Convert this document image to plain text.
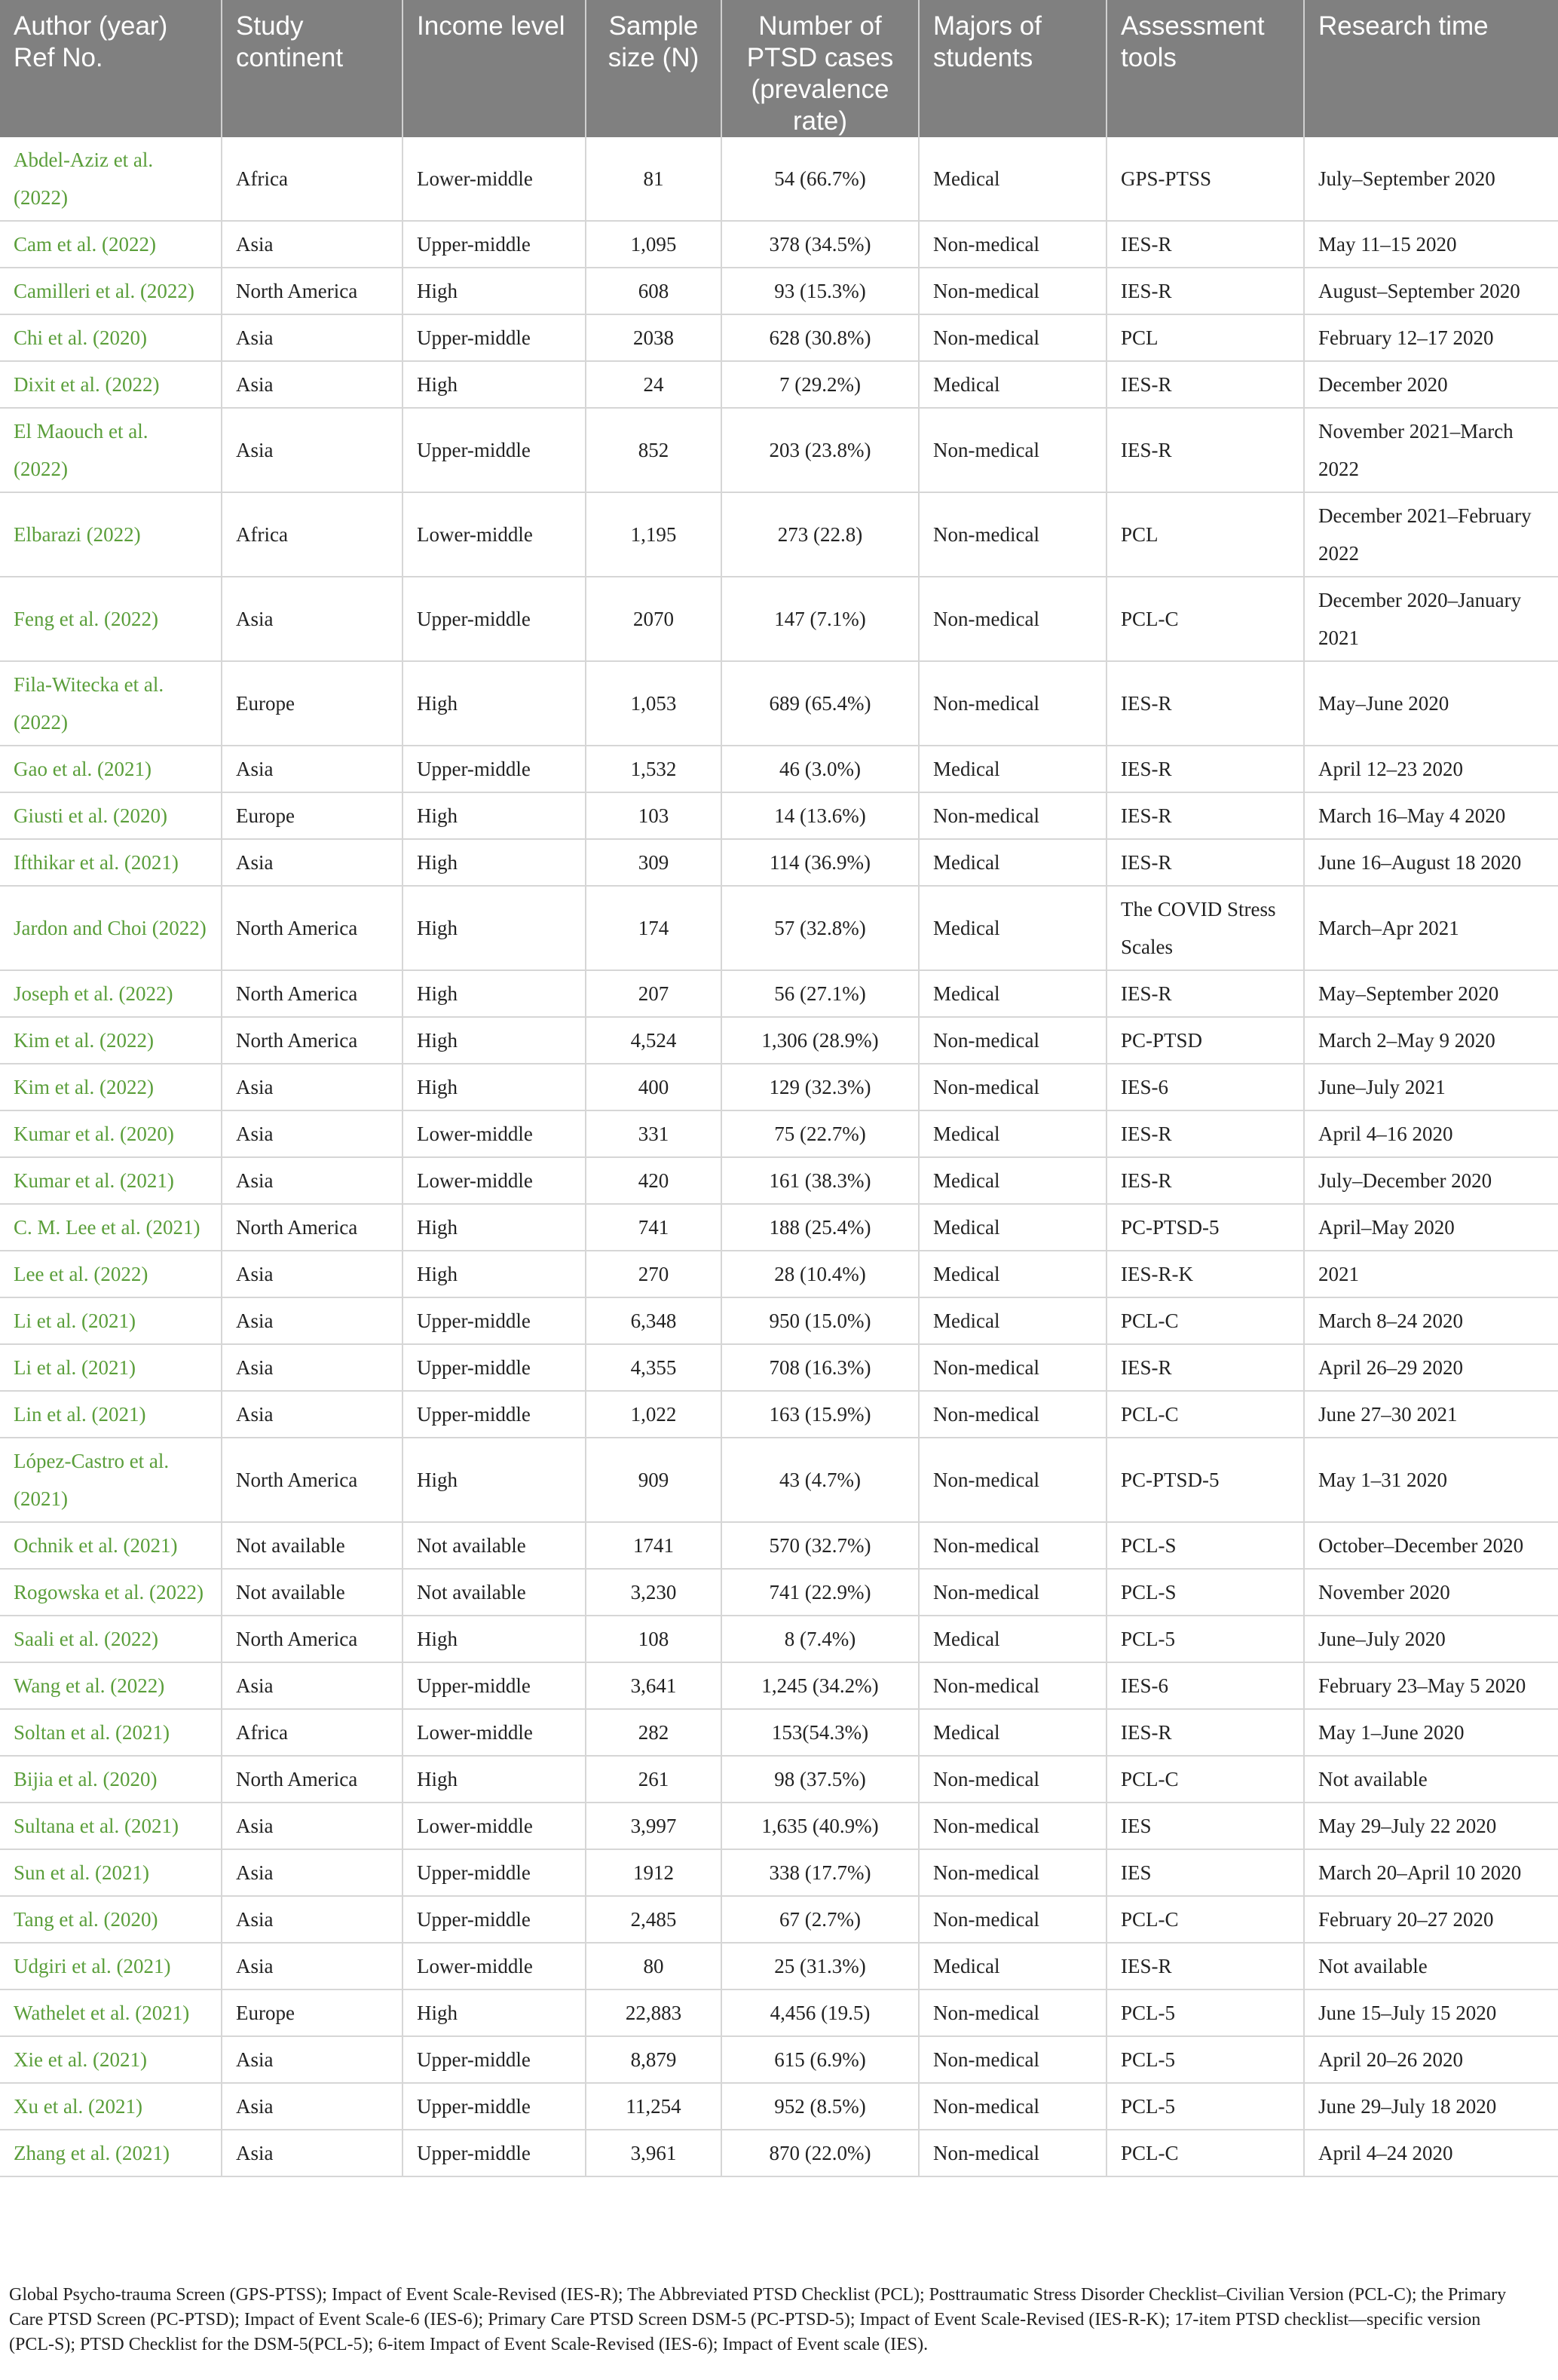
Author (year) Ref No.	Study continent	Income level	Sample size (N)	Number of PTSD cases (prevalence rate)	Majors of students	Assessment tools	Research time
Abdel-Aziz et al. (2022)	Africa	Lower-middle	81	54 (66.7%)	Medical	GPS-PTSS	July–September 2020
Cam et al. (2022)	Asia	Upper-middle	1,095	378 (34.5%)	Non-medical	IES-R	May 11–15 2020
Camilleri et al. (2022)	North America	High	608	93 (15.3%)	Non-medical	IES-R	August–September 2020
Chi et al. (2020)	Asia	Upper-middle	2038	628 (30.8%)	Non-medical	PCL	February 12–17 2020
Dixit et al. (2022)	Asia	High	24	7 (29.2%)	Medical	IES-R	December 2020
El Maouch et al. (2022)	Asia	Upper-middle	852	203 (23.8%)	Non-medical	IES-R	November 2021–March 2022
Elbarazi (2022)	Africa	Lower-middle	1,195	273 (22.8)	Non-medical	PCL	December 2021–February 2022
Feng et al. (2022)	Asia	Upper-middle	2070	147 (7.1%)	Non-medical	PCL-C	December 2020–January 2021
Fila-Witecka et al. (2022)	Europe	High	1,053	689 (65.4%)	Non-medical	IES-R	May–June 2020
Gao et al. (2021)	Asia	Upper-middle	1,532	46 (3.0%)	Medical	IES-R	April 12–23 2020
Giusti et al. (2020)	Europe	High	103	14 (13.6%)	Non-medical	IES-R	March 16–May 4 2020
Ifthikar et al. (2021)	Asia	High	309	114 (36.9%)	Medical	IES-R	June 16–August 18 2020
Jardon and Choi (2022)	North America	High	174	57 (32.8%)	Medical	The COVID Stress Scales	March–Apr 2021
Joseph et al. (2022)	North America	High	207	56 (27.1%)	Medical	IES-R	May–September 2020
Kim et al. (2022)	North America	High	4,524	1,306 (28.9%)	Non-medical	PC-PTSD	March 2–May 9 2020
Kim et al. (2022)	Asia	High	400	129 (32.3%)	Non-medical	IES-6	June–July 2021
Kumar et al. (2020)	Asia	Lower-middle	331	75 (22.7%)	Medical	IES-R	April 4–16 2020
Kumar et al. (2021)	Asia	Lower-middle	420	161 (38.3%)	Medical	IES-R	July–December 2020
C. M. Lee et al. (2021)	North America	High	741	188 (25.4%)	Medical	PC-PTSD-5	April–May 2020
Lee et al. (2022)	Asia	High	270	28 (10.4%)	Medical	IES-R-K	2021
Li et al. (2021)	Asia	Upper-middle	6,348	950 (15.0%)	Medical	PCL-C	March 8–24 2020
Li et al. (2021)	Asia	Upper-middle	4,355	708 (16.3%)	Non-medical	IES-R	April 26–29 2020
Lin et al. (2021)	Asia	Upper-middle	1,022	163 (15.9%)	Non-medical	PCL-C	June 27–30 2021
López-Castro et al. (2021)	North America	High	909	43 (4.7%)	Non-medical	PC-PTSD-5	May 1–31 2020
Ochnik et al. (2021)	Not available	Not available	1741	570 (32.7%)	Non-medical	PCL-S	October–December 2020
Rogowska et al. (2022)	Not available	Not available	3,230	741 (22.9%)	Non-medical	PCL-S	November 2020
Saali et al. (2022)	North America	High	108	8 (7.4%)	Medical	PCL-5	June–July 2020
Wang et al. (2022)	Asia	Upper-middle	3,641	1,245 (34.2%)	Non-medical	IES-6	February 23–May 5 2020
Soltan et al. (2021)	Africa	Lower-middle	282	153(54.3%)	Medical	IES-R	May 1–June 2020
Bijia et al. (2020)	North America	High	261	98 (37.5%)	Non-medical	PCL-C	Not available
Sultana et al. (2021)	Asia	Lower-middle	3,997	1,635 (40.9%)	Non-medical	IES	May 29–July 22 2020
Sun et al. (2021)	Asia	Upper-middle	1912	338 (17.7%)	Non-medical	IES	March 20–April 10 2020
Tang et al. (2020)	Asia	Upper-middle	2,485	67 (2.7%)	Non-medical	PCL-C	February 20–27 2020
Udgiri et al. (2021)	Asia	Lower-middle	80	25 (31.3%)	Medical	IES-R	Not available
Wathelet et al. (2021)	Europe	High	22,883	4,456 (19.5)	Non-medical	PCL-5	June 15–July 15 2020
Xie et al. (2021)	Asia	Upper-middle	8,879	615 (6.9%)	Non-medical	PCL-5	April 20–26 2020
Xu et al. (2021)	Asia	Upper-middle	11,254	952 (8.5%)	Non-medical	PCL-5	June 29–July 18 2020
Zhang et al. (2021)	Asia	Upper-middle	3,961	870 (22.0%)	Non-medical	PCL-C	April 4–24 2020
Global Psycho-trauma Screen (GPS-PTSS); Impact of Event Scale-Revised (IES-R); The Abbreviated PTSD Checklist (PCL); Posttraumatic Stress Disorder Checklist–Civilian Version (PCL-C); the Primary Care PTSD Screen (PC-PTSD); Impact of Event Scale-6 (IES-6); Primary Care PTSD Screen DSM-5 (PC-PTSD-5); Impact of Event Scale-Revised (IES-R-K); 17-item PTSD checklist—specific version (PCL-S); PTSD Checklist for the DSM-5(PCL-5); 6-item Impact of Event Scale-Revised (IES-6); Impact of Event scale (IES).
